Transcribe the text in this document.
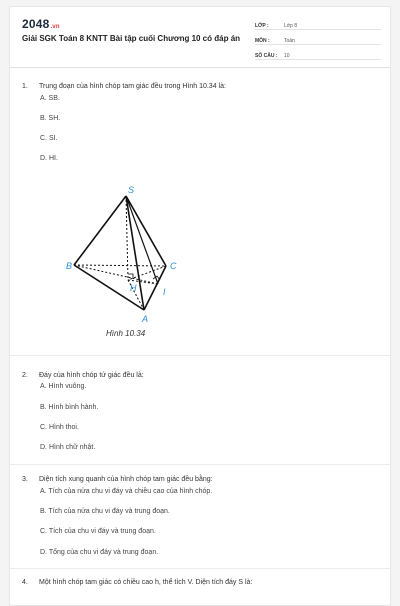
2048.vn
Giải SGK Toán 8 KNTT Bài tập cuối Chương 10 có đáp án
LỚP :	Lớp 8
MÔN :	Toán
SỐ CÂU :	10
1.	Trung đoạn của hình chóp tam giác đều trong Hình 10.34 là:
A. SB.
B. SH.
C. SI.
D. HI.
S
B	C
H	I
A
Hình 10.34
2.	Đáy của hình chóp tứ giác đều là:
A. Hình vuông.
B. Hình bình hành.
C. Hình thoi.
D. Hình chữ nhật.
3.	Diện tích xung quanh của hình chóp tam giác đều bằng:
A. Tích của nửa chu vi đáy và chiều cao của hình chóp.
B. Tích của nửa chu vi đáy và trung đoạn.
C. Tích của chu vi đáy và trung đoạn.
D. Tổng của chu vi đáy và trung đoạn.
4.	Một hình chóp tam giác có chiều cao h, thể tích V. Diện tích đáy S là:
